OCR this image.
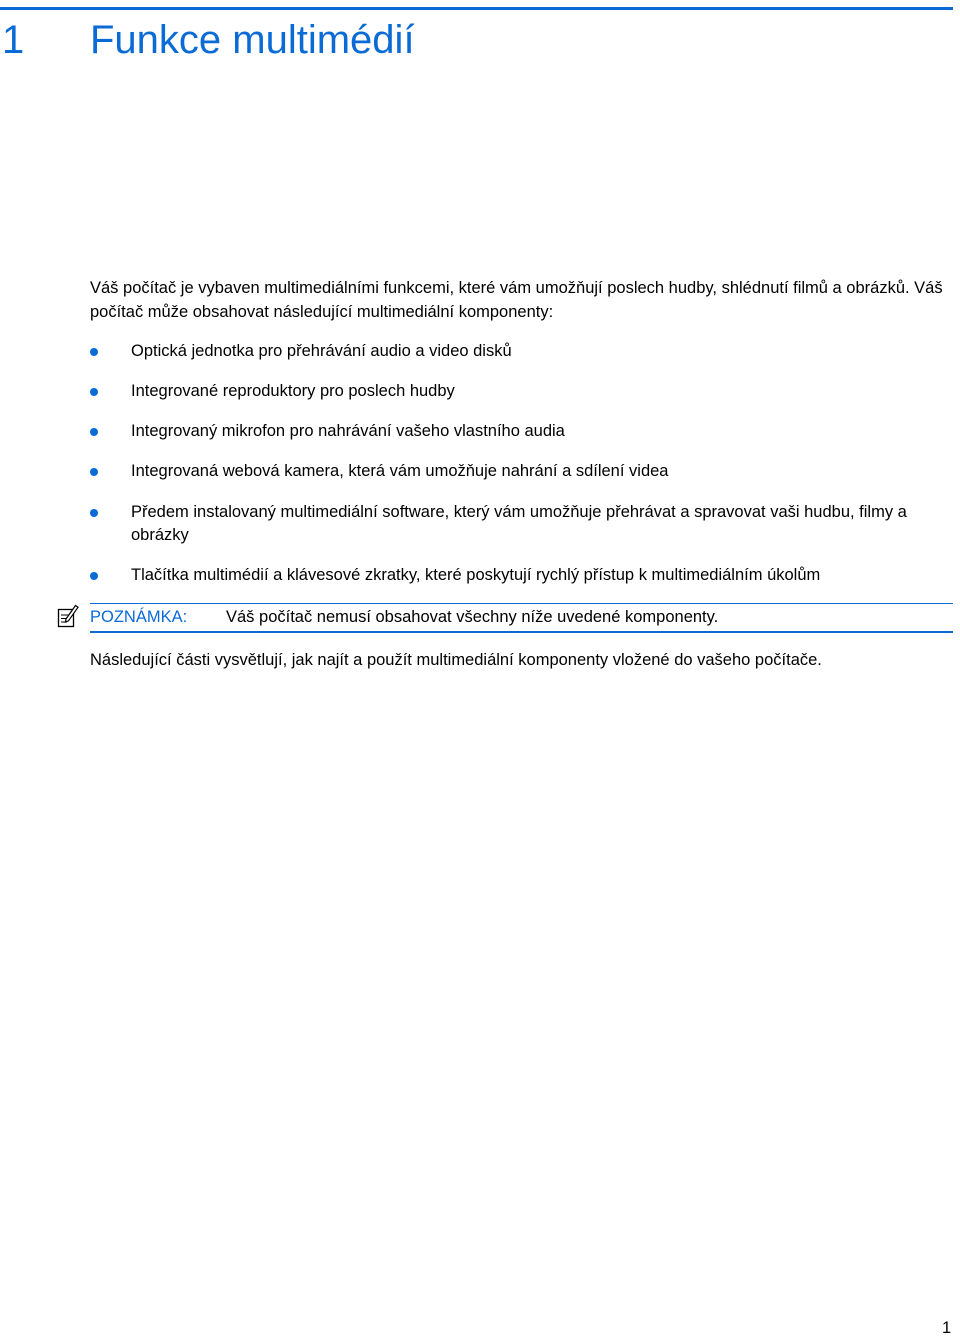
1 Funkce multimédií

Váš počítač je vybaven multimediálními funkcemi, které vám umožňují poslech hudby, shlédnutí filmů a obrázků. Váš počítač může obsahovat následující multimediální komponenty:

Optická jednotka pro přehrávání audio a video disků
Integrované reproduktory pro poslech hudby
Integrovaný mikrofon pro nahrávání vašeho vlastního audia
Integrovaná webová kamera, která vám umožňuje nahrání a sdílení videa
Předem instalovaný multimediální software, který vám umožňuje přehrávat a spravovat vaši hudbu, filmy a obrázky
Tlačítka multimédií a klávesové zkratky, které poskytují rychlý přístup k multimediálním úkolům
POZNÁMKA: Váš počítač nemusí obsahovat všechny níže uvedené komponenty.

Následující části vysvětlují, jak najít a použít multimediální komponenty vložené do vašeho počítače.

1
